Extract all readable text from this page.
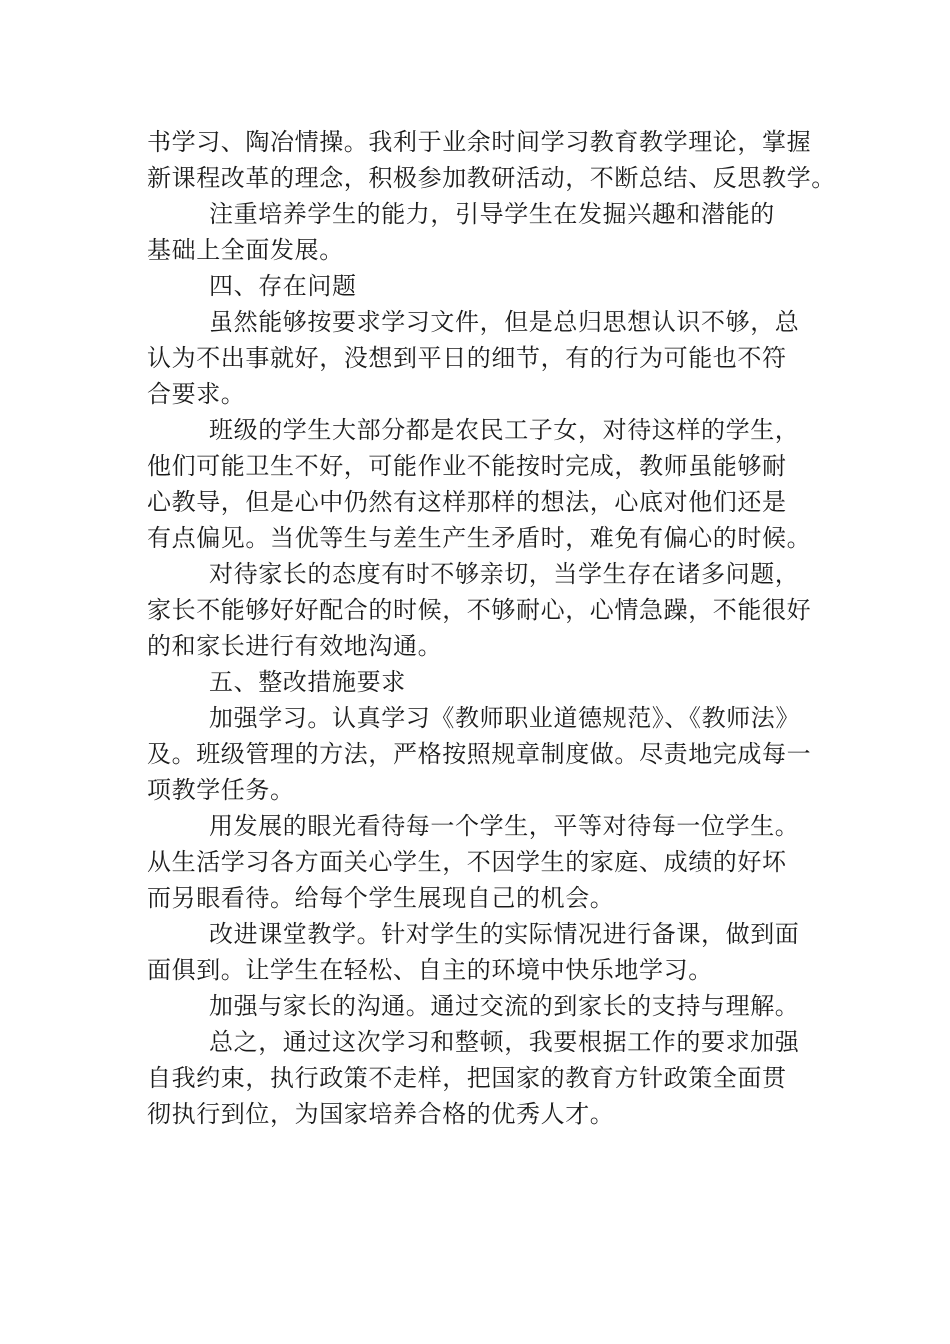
书学习、陶冶情操。我利于业余时间学习教育教学理论，掌握
新课程改革的理念，积极参加教研活动，不断总结、反思教学。
注重培养学生的能力，引导学生在发掘兴趣和潜能的
基础上全面发展。
四、存在问题
虽然能够按要求学习文件，但是总归思想认识不够，总
认为不出事就好，没想到平日的细节，有的行为可能也不符
合要求。
班级的学生大部分都是农民工子女，对待这样的学生，
他们可能卫生不好，可能作业不能按时完成，教师虽能够耐
心教导，但是心中仍然有这样那样的想法，心底对他们还是
有点偏见。当优等生与差生产生矛盾时，难免有偏心的时候。
对待家长的态度有时不够亲切，当学生存在诸多问题，
家长不能够好好配合的时候，不够耐心，心情急躁，不能很好
的和家长进行有效地沟通。
五、整改措施要求
加强学习。认真学习《教师职业道德规范》、《教师法》
及。班级管理的方法，严格按照规章制度做。尽责地完成每一
项教学任务。
用发展的眼光看待每一个学生，平等对待每一位学生。
从生活学习各方面关心学生，不因学生的家庭、成绩的好坏
而另眼看待。给每个学生展现自己的机会。
改进课堂教学。针对学生的实际情况进行备课，做到面
面俱到。让学生在轻松、自主的环境中快乐地学习。
加强与家长的沟通。通过交流的到家长的支持与理解。
总之，通过这次学习和整顿，我要根据工作的要求加强
自我约束，执行政策不走样，把国家的教育方针政策全面贯
彻执行到位，为国家培养合格的优秀人才。
